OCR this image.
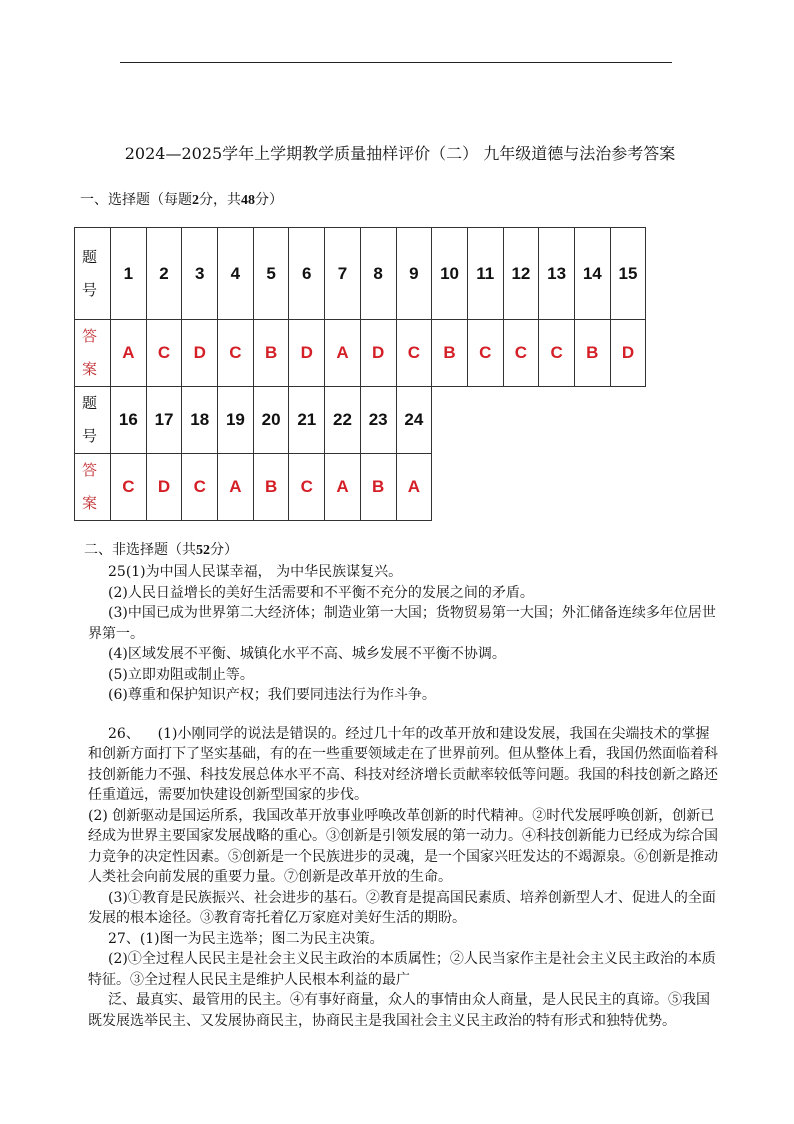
2024—2025学年上学期教学质量抽样评价（二） 九年级道德与法治参考答案
一、选择题（每题2分，共48分）
题号	1	2	3	4	5	6	7	8	9	10	11	12	13	14	15
答案	A	C	D	C	B	D	A	D	C	B	C	C	C	B	D
题号	16	17	18	19	20	21	22	23	24						
答案	C	D	C	A	B	C	A	B	A						
二、非选择题（共52分）

25(1)为中国人民谋幸福， 为中华民族谋复兴。

(2)人民日益增长的美好生活需要和不平衡不充分的发展之间的矛盾。

(3)中国已成为世界第二大经济体；制造业第一大国；货物贸易第一大国；外汇储备连续多年位居世界第一。

(4)区域发展不平衡、城镇化水平不高、城乡发展不平衡不协调。

(5)立即劝阻或制止等。

(6)尊重和保护知识产权；我们要同违法行为作斗争。

26、    (1)小刚同学的说法是错误的。经过几十年的改革开放和建设发展，我国在尖端技术的掌握和创新方面打下了坚实基础，有的在一些重要领域走在了世界前列。但从整体上看，我国仍然面临着科技创新能力不强、科技发展总体水平不高、科技对经济增长贡献率较低等问题。我国的科技创新之路还任重道远，需要加快建设创新型国家的步伐。

(2) 创新驱动是国运所系，我国改革开放事业呼唤改革创新的时代精神。②时代发展呼唤创新，创新已经成为世界主要国家发展战略的重心。③创新是引领发展的第一动力。④科技创新能力已经成为综合国力竞争的决定性因素。⑤创新是一个民族进步的灵魂，是一个国家兴旺发达的不竭源泉。⑥创新是推动人类社会向前发展的重要力量。⑦创新是改革开放的生命。

(3)①教育是民族振兴、社会进步的基石。②教育是提高国民素质、培养创新型人才、促进人的全面发展的根本途径。③教育寄托着亿万家庭对美好生活的期盼。

27、(1)图一为民主选举；图二为民主决策。

(2)①全过程人民民主是社会主义民主政治的本质属性；②人民当家作主是社会主义民主政治的本质特征。③全过程人民民主是维护人民根本利益的最广

泛、最真实、最管用的民主。④有事好商量，众人的事情由众人商量，是人民民主的真谛。⑤我国既发展选举民主、又发展协商民主，协商民主是我国社会主义民主政治的特有形式和独特优势。
